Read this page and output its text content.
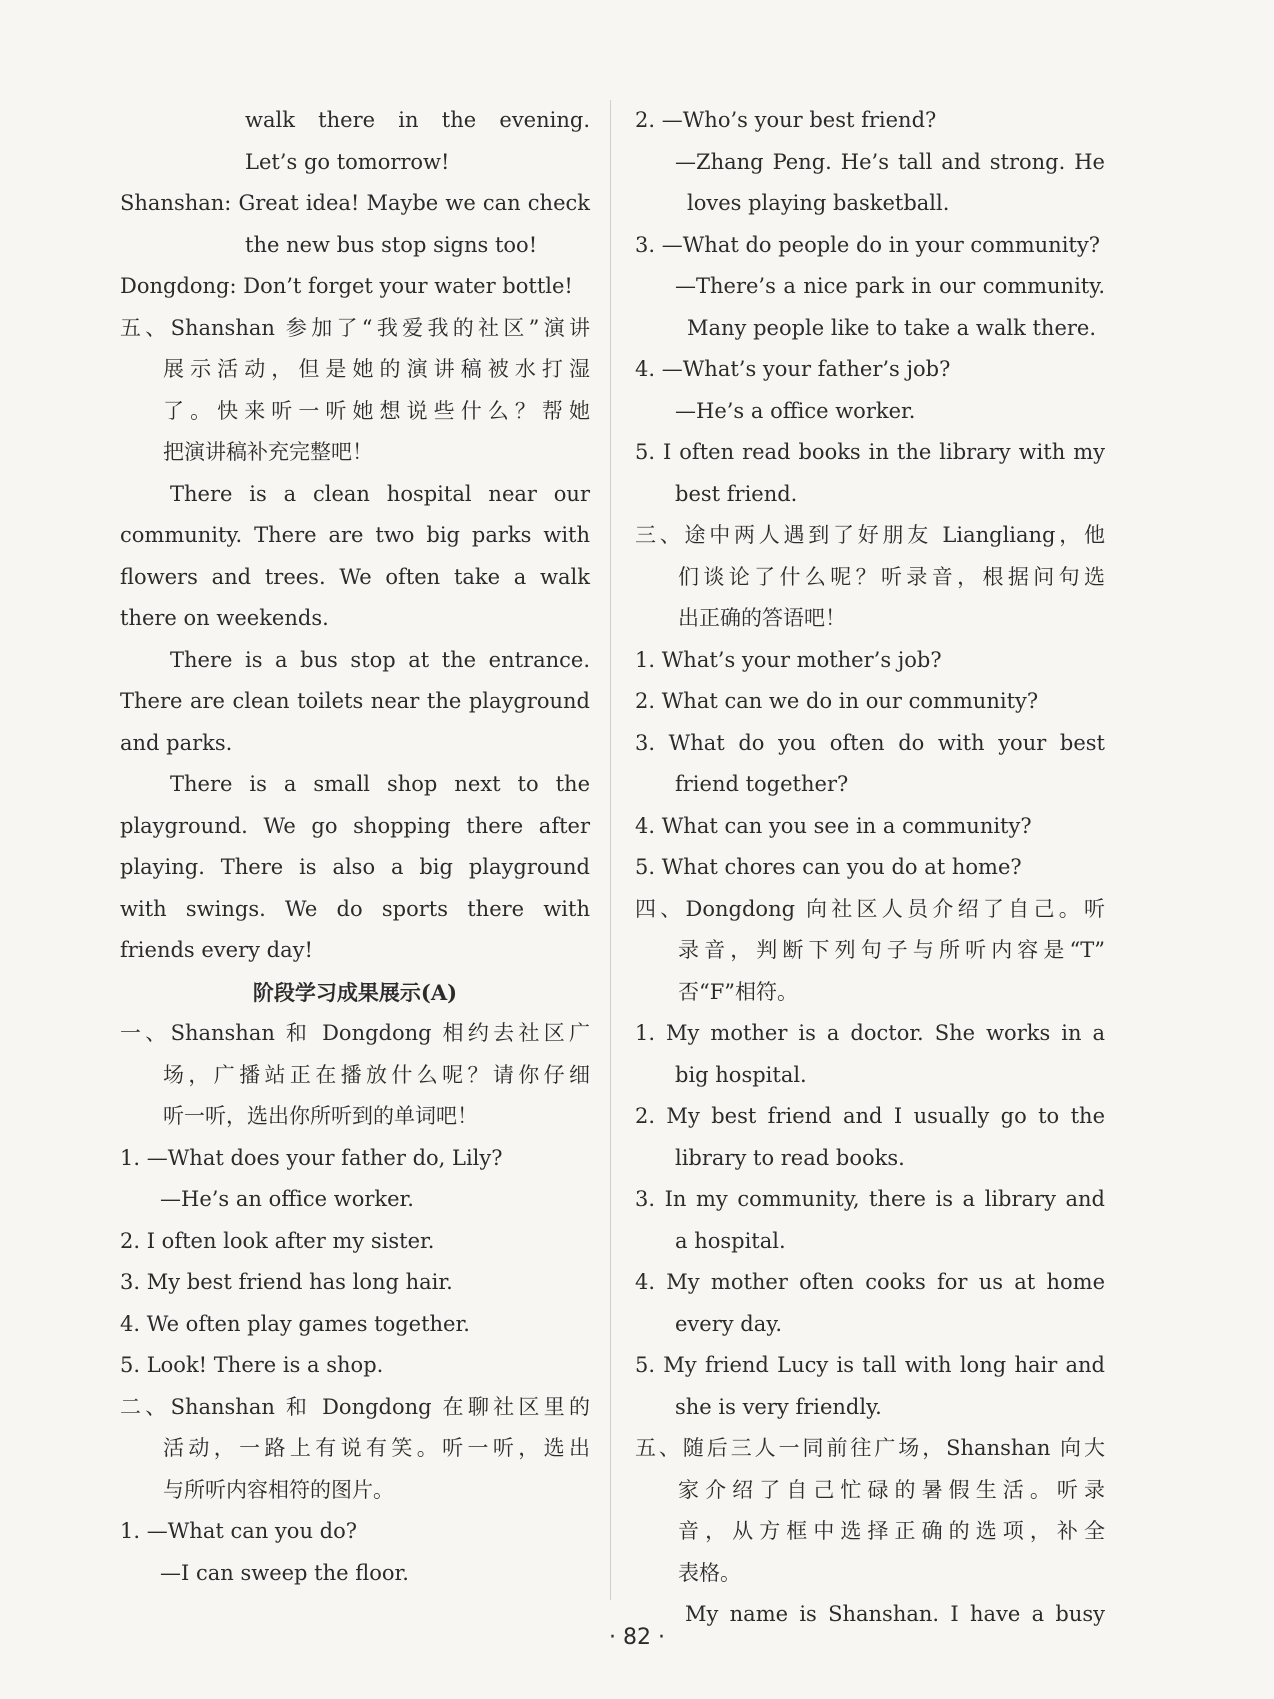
walk there in the evening.
Let’s go tomorrow!
Shanshan: Great idea! Maybe we can check
the new bus stop signs too!
Dongdong: Don’t forget your water bottle!
五、Shanshan 参加了“我爱我的社区”演讲
展示活动，但是她的演讲稿被水打湿
了。快来听一听她想说些什么？帮她
把演讲稿补充完整吧！
There is a clean hospital near our
community. There are two big parks with
flowers and trees. We often take a walk
there on weekends.
There is a bus stop at the entrance.
There are clean toilets near the playground
and parks.
There is a small shop next to the
playground. We go shopping there after
playing. There is also a big playground
with swings. We do sports there with
friends every day!
阶段学习成果展示(A)
一、Shanshan 和 Dongdong 相约去社区广
场，广播站正在播放什么呢？请你仔细
听一听，选出你所听到的单词吧！
1. —What does your father do, Lily?
—He’s an office worker.
2. I often look after my sister.
3. My best friend has long hair.
4. We often play games together.
5. Look! There is a shop.
二、Shanshan 和 Dongdong 在聊社区里的
活动，一路上有说有笑。听一听，选出
与所听内容相符的图片。
1. —What can you do?
—I can sweep the floor.
2. —Who’s your best friend?
—Zhang Peng. He’s tall and strong. He
loves playing basketball.
3. —What do people do in your community?
—There’s a nice park in our community.
Many people like to take a walk there.
4. —What’s your father’s job?
—He’s a office worker.
5. I often read books in the library with my
best friend.
三、途中两人遇到了好朋友 Liangliang，他
们谈论了什么呢？听录音，根据问句选
出正确的答语吧！
1. What’s your mother’s job?
2. What can we do in our community?
3. What do you often do with your best
friend together?
4. What can you see in a community?
5. What chores can you do at home?
四、Dongdong 向社区人员介绍了自己。听
录音，判断下列句子与所听内容是“T”
否“F”相符。
1. My mother is a doctor. She works in a
big hospital.
2. My best friend and I usually go to the
library to read books.
3. In my community, there is a library and
a hospital.
4. My mother often cooks for us at home
every day.
5. My friend Lucy is tall with long hair and
she is very friendly.
五、随后三人一同前往广场，Shanshan 向大
家介绍了自己忙碌的暑假生活。听录
音，从方框中选择正确的选项，补全
表格。
My name is Shanshan. I have a busy
· 82 ·
